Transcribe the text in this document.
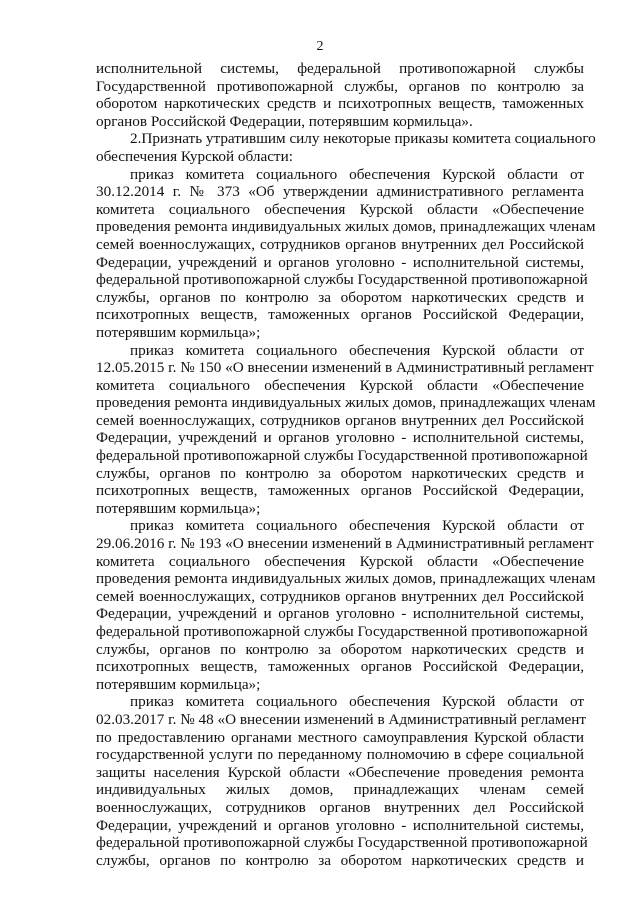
2
исполнительной системы, федеральной противопожарной службы
Государственной противопожарной службы, органов по контролю за
оборотом наркотических средств и психотропных веществ, таможенных
органов Российской Федерации, потерявшим кормильца».
2.Признать утратившим силу некоторые приказы комитета социального
обеспечения Курской области:
приказ комитета социального обеспечения Курской области от
30.12.2014 г. № 373 «Об утверждении административного регламента
комитета социального обеспечения Курской области «Обеспечение
проведения ремонта индивидуальных жилых домов, принадлежащих членам
семей военнослужащих, сотрудников органов внутренних дел Российской
Федерации, учреждений и органов уголовно - исполнительной системы,
федеральной противопожарной службы Государственной противопожарной
службы, органов по контролю за оборотом наркотических средств и
психотропных веществ, таможенных органов Российской Федерации,
потерявшим кормильца»;
приказ комитета социального обеспечения Курской области от
12.05.2015 г. № 150 «О внесении изменений в Административный регламент
комитета социального обеспечения Курской области «Обеспечение
проведения ремонта индивидуальных жилых домов, принадлежащих членам
семей военнослужащих, сотрудников органов внутренних дел Российской
Федерации, учреждений и органов уголовно - исполнительной системы,
федеральной противопожарной службы Государственной противопожарной
службы, органов по контролю за оборотом наркотических средств и
психотропных веществ, таможенных органов Российской Федерации,
потерявшим кормильца»;
приказ комитета социального обеспечения Курской области от
29.06.2016 г. № 193 «О внесении изменений в Административный регламент
комитета социального обеспечения Курской области «Обеспечение
проведения ремонта индивидуальных жилых домов, принадлежащих членам
семей военнослужащих, сотрудников органов внутренних дел Российской
Федерации, учреждений и органов уголовно - исполнительной системы,
федеральной противопожарной службы Государственной противопожарной
службы, органов по контролю за оборотом наркотических средств и
психотропных веществ, таможенных органов Российской Федерации,
потерявшим кормильца»;
приказ комитета социального обеспечения Курской области от
02.03.2017 г. № 48 «О внесении изменений в Административный регламент
по предоставлению органами местного самоуправления Курской области
государственной услуги по переданному полномочию в сфере социальной
защиты населения Курской области «Обеспечение проведения ремонта
индивидуальных жилых домов, принадлежащих членам семей
военнослужащих, сотрудников органов внутренних дел Российской
Федерации, учреждений и органов уголовно - исполнительной системы,
федеральной противопожарной службы Государственной противопожарной
службы, органов по контролю за оборотом наркотических средств и
